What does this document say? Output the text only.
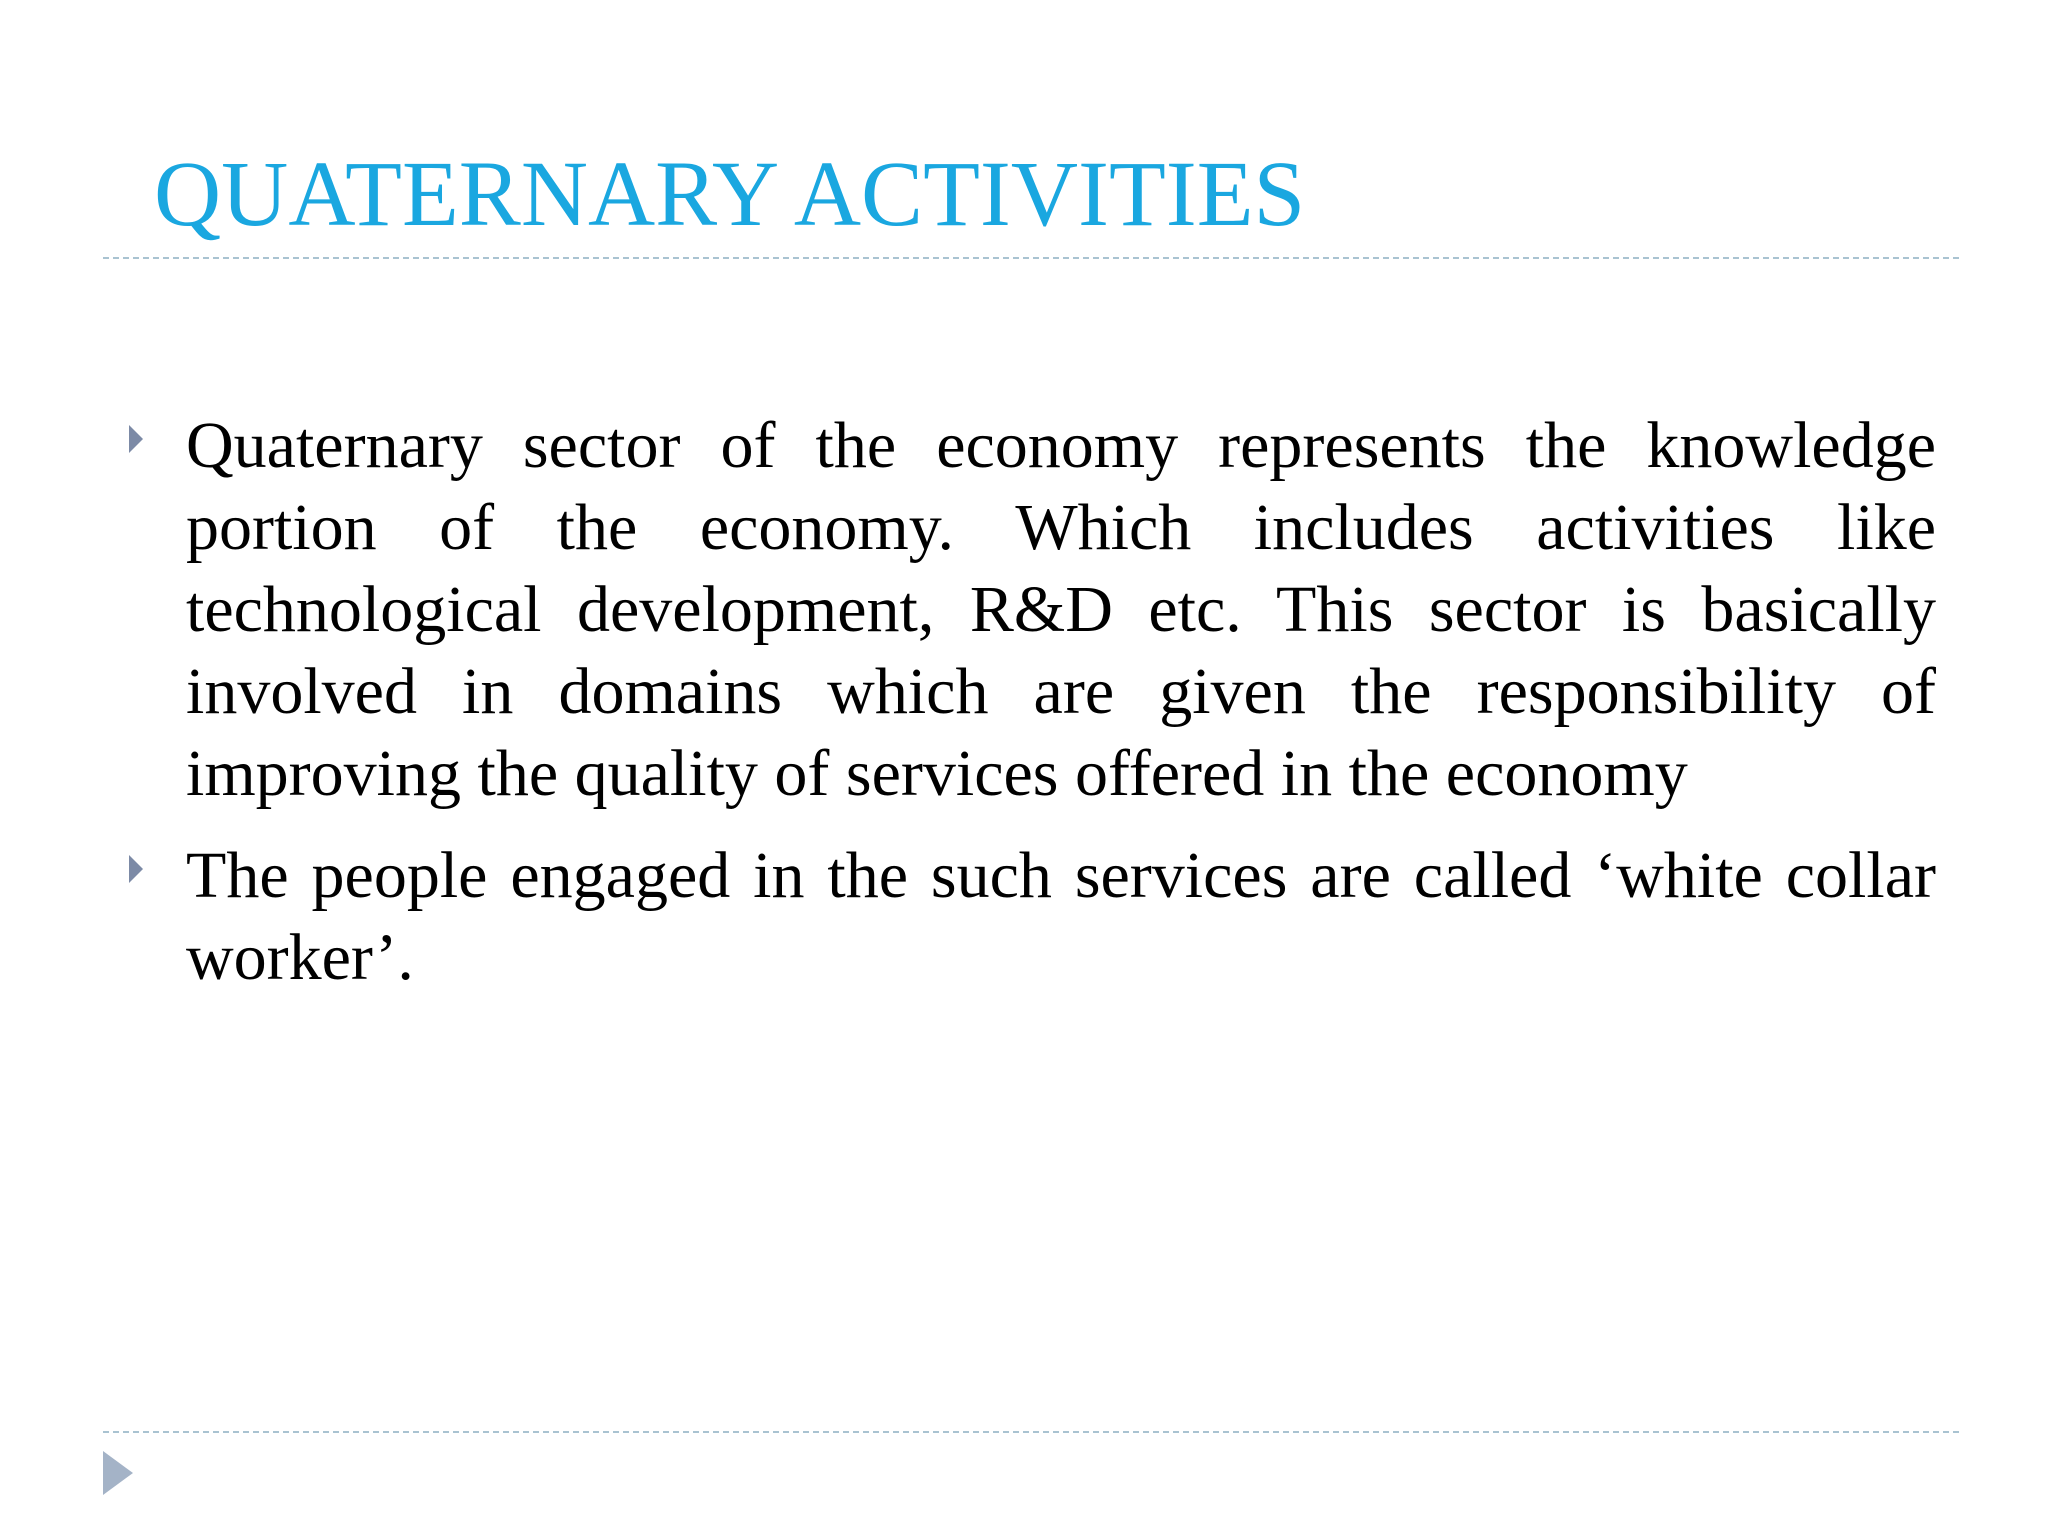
QUATERNARY ACTIVITIES

Quaternary sector of the economy represents the knowledge portion of the economy. Which includes activities like technological development, R&D etc. This sector is basically involved in domains which are given the responsibility of improving the quality of services offered in the economy

The people engaged in the such services are called ‘white collar worker’.
